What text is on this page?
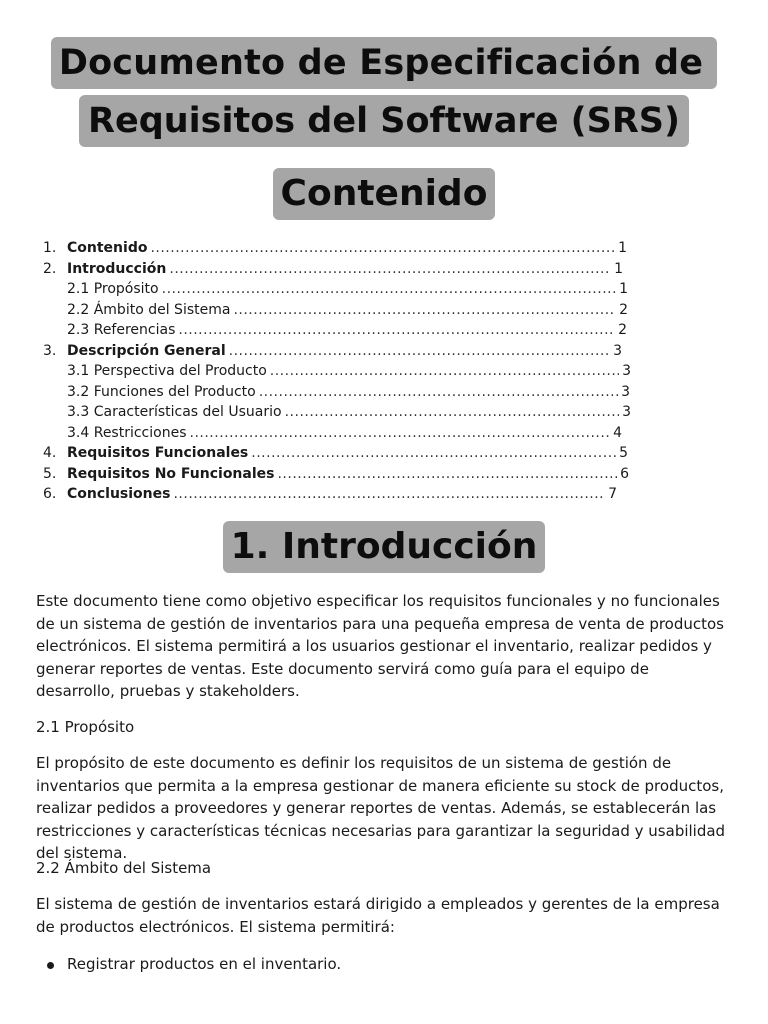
Documento de Especificación de
Requisitos del Software (SRS)
Contenido
1. Contenido .....	1
2. Introducción .....	1
2.1 Propósito .....	1
2.2 Ámbito del Sistema .....	2
2.3 Referencias .....	2
3. Descripción General .....	3
3.1 Perspectiva del Producto .....	3
3.2 Funciones del Producto .....	3
3.3 Características del Usuario .....	3
3.4 Restricciones .....	4
4. Requisitos Funcionales .....	5
5. Requisitos No Funcionales .....	6
6. Conclusiones .....	7
1. Introducción

Este documento tiene como objetivo especificar los requisitos funcionales y no funcionales de un sistema de gestión de inventarios para una pequeña empresa de venta de productos electrónicos. El sistema permitirá a los usuarios gestionar el inventario, realizar pedidos y generar reportes de ventas. Este documento servirá como guía para el equipo de desarrollo, pruebas y stakeholders.

2.1 Propósito

El propósito de este documento es definir los requisitos de un sistema de gestión de inventarios que permita a la empresa gestionar de manera eficiente su stock de productos, realizar pedidos a proveedores y generar reportes de ventas. Además, se establecerán las restricciones y características técnicas necesarias para garantizar la seguridad y usabilidad del sistema.

2.2 Ámbito del Sistema

El sistema de gestión de inventarios estará dirigido a empleados y gerentes de la empresa de productos electrónicos. El sistema permitirá:

Registrar productos en el inventario.
